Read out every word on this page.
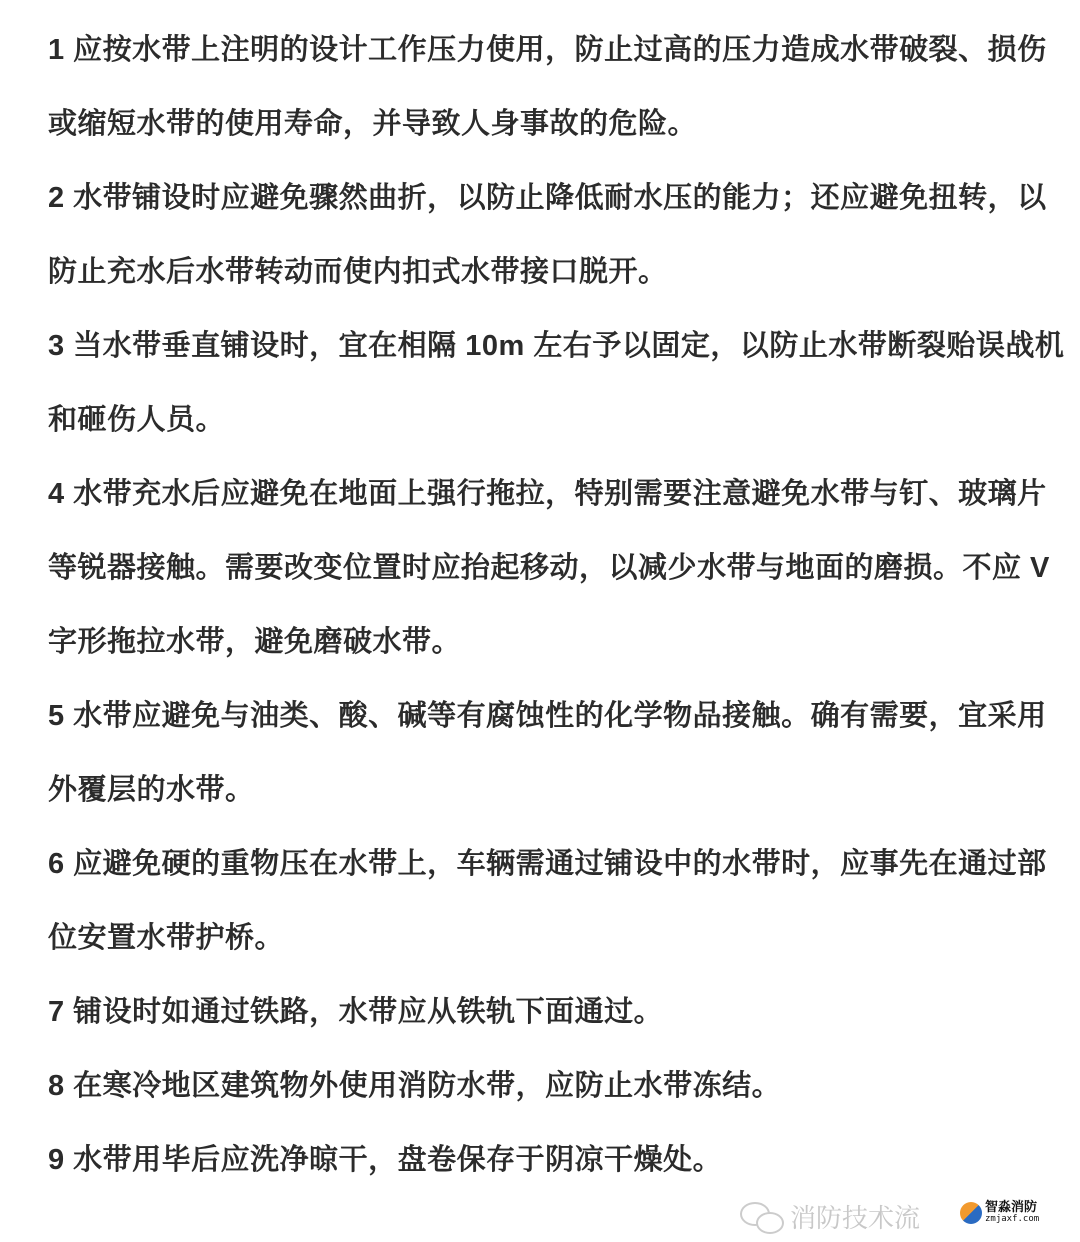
1 应按水带上注明的设计工作压力使用，防止过高的压力造成水带破裂、损伤
或缩短水带的使用寿命，并导致人身事故的危险。
2 水带铺设时应避免骤然曲折，以防止降低耐水压的能力；还应避免扭转，以
防止充水后水带转动而使内扣式水带接口脱开。
3 当水带垂直铺设时，宜在相隔 10m 左右予以固定，以防止水带断裂贻误战机
和砸伤人员。
4 水带充水后应避免在地面上强行拖拉，特别需要注意避免水带与钉、玻璃片
等锐器接触。需要改变位置时应抬起移动，以减少水带与地面的磨损。不应 V
字形拖拉水带，避免磨破水带。
5 水带应避免与油类、酸、碱等有腐蚀性的化学物品接触。确有需要，宜采用
外覆层的水带。
6 应避免硬的重物压在水带上，车辆需通过铺设中的水带时，应事先在通过部
位安置水带护桥。
7 铺设时如通过铁路，水带应从铁轨下面通过。
8 在寒冷地区建筑物外使用消防水带，应防止水带冻结。
9 水带用毕后应洗净晾干，盘卷保存于阴凉干燥处。
消防技术流	智淼消防
zmjaxf.com
